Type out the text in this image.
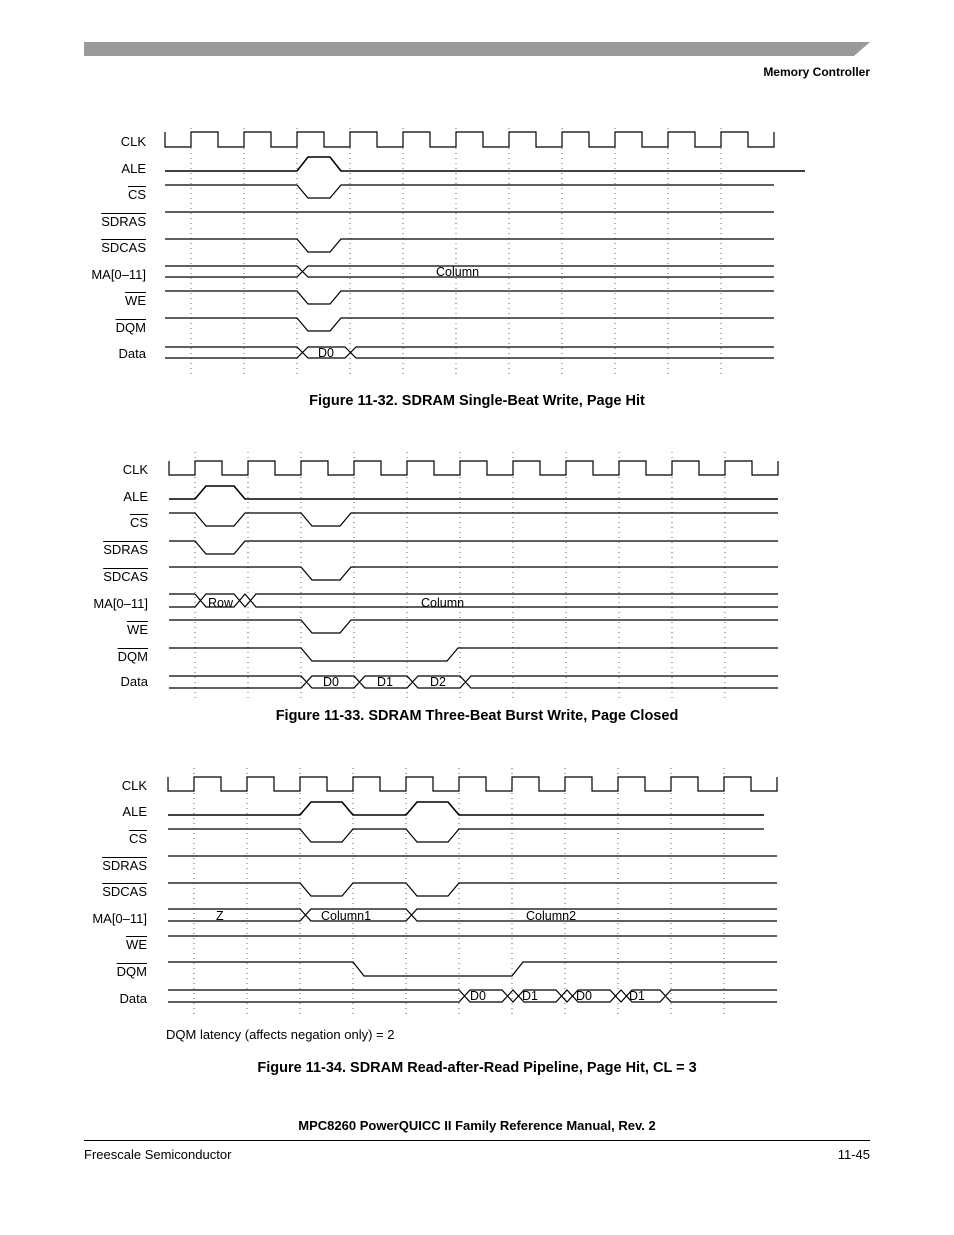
Memory Controller
CLK
ALE
$\overline{CS}$
SDRAS
SDCAS
MA[0–11]
$\overline{WE}$
$\overline{DQM}$
Data
Column
D0
Figure 11-32. SDRAM Single-Beat Write, Page Hit
CLK
ALE
$\overline{CS}$
SDRAS
SDCAS
MA[0–11]
$\overline{WE}$
$\overline{DQM}$
Data
Row	Column
D0	D1	D2
Figure 11-33. SDRAM Three-Beat Burst Write, Page Closed
CLK
ALE
$\overline{CS}$
SDRAS
SDCAS
MA[0–11]
$\overline{WE}$
$\overline{DQM}$
Data
Z	Column1	Column2
D0	D1	D0	D1
DQM latency (affects negation only) = 2
Figure 11-34. SDRAM Read-after-Read Pipeline, Page Hit, CL = 3
MPC8260 PowerQUICC II Family Reference Manual, Rev. 2
Freescale Semiconductor	11-45
